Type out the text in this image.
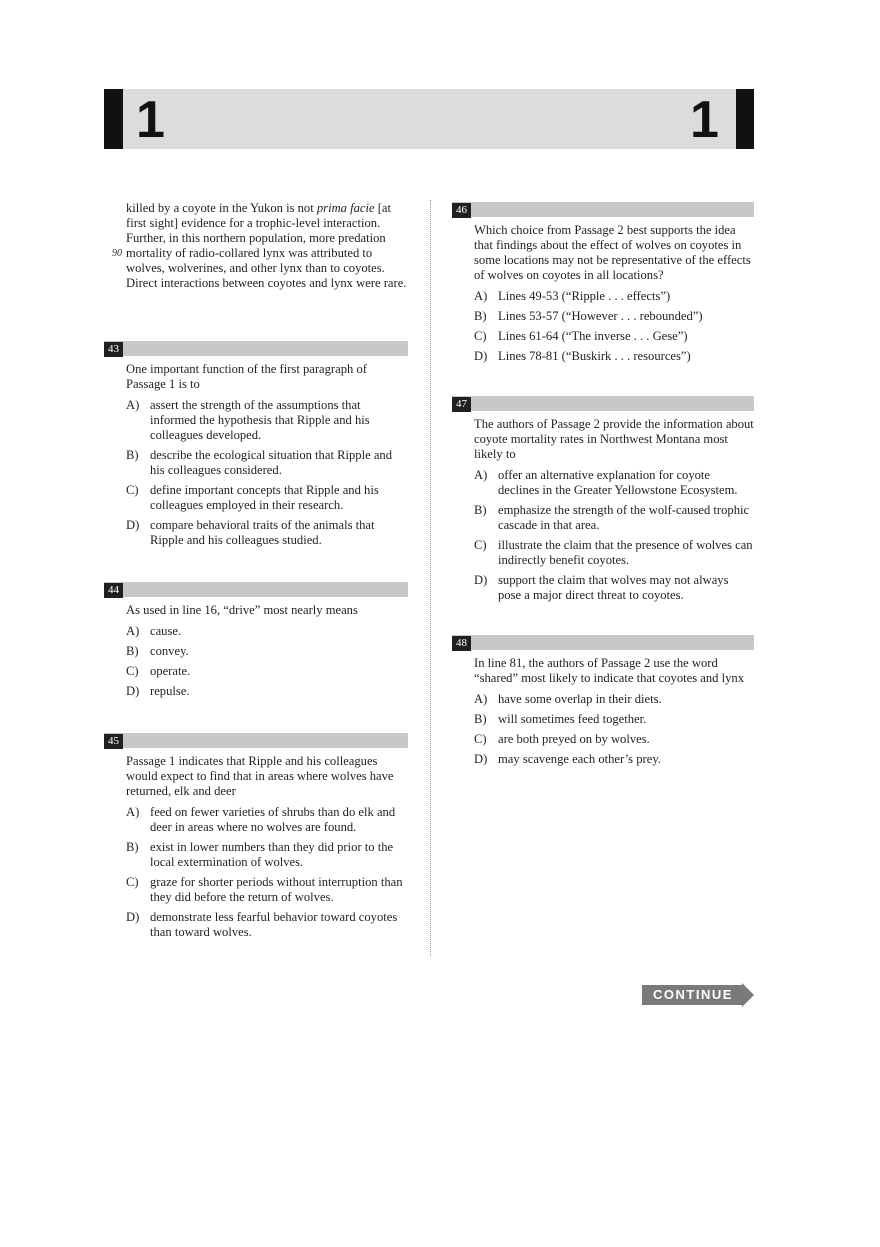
1	1
90

killed by a coyote in the Yukon is not prima facie [at first sight] evidence for a trophic-level interaction. Further, in this northern population, more predation mortality of radio-collared lynx was attributed to wolves, wolverines, and other lynx than to coyotes. Direct interactions between coyotes and lynx were rare.

43

One important function of the first paragraph of Passage 1 is to

A) assert the strength of the assumptions that informed the hypothesis that Ripple and his colleagues developed.
B) describe the ecological situation that Ripple and his colleagues considered.
C) define important concepts that Ripple and his colleagues employed in their research.
D) compare behavioral traits of the animals that Ripple and his colleagues studied.
44

As used in line 16, “drive” most nearly means

A) cause.
B) convey.
C) operate.
D) repulse.
45

Passage 1 indicates that Ripple and his colleagues would expect to find that in areas where wolves have returned, elk and deer

A) feed on fewer varieties of shrubs than do elk and deer in areas where no wolves are found.
B) exist in lower numbers than they did prior to the local extermination of wolves.
C) graze for shorter periods without interruption than they did before the return of wolves.
D) demonstrate less fearful behavior toward coyotes than toward wolves.
46

Which choice from Passage 2 best supports the idea that findings about the effect of wolves on coyotes in some locations may not be representative of the effects of wolves on coyotes in all locations?

A) Lines 49-53 (“Ripple . . . effects”)
B) Lines 53-57 (“However . . . rebounded”)
C) Lines 61-64 (“The inverse . . . Gese”)
D) Lines 78-81 (“Buskirk . . . resources”)
47

The authors of Passage 2 provide the information about coyote mortality rates in Northwest Montana most likely to

A) offer an alternative explanation for coyote declines in the Greater Yellowstone Ecosystem.
B) emphasize the strength of the wolf-caused trophic cascade in that area.
C) illustrate the claim that the presence of wolves can indirectly benefit coyotes.
D) support the claim that wolves may not always pose a major direct threat to coyotes.
48

In line 81, the authors of Passage 2 use the word “shared” most likely to indicate that coyotes and lynx

A) have some overlap in their diets.
B) will sometimes feed together.
C) are both preyed on by wolves.
D) may scavenge each other’s prey.
CONTINUE
